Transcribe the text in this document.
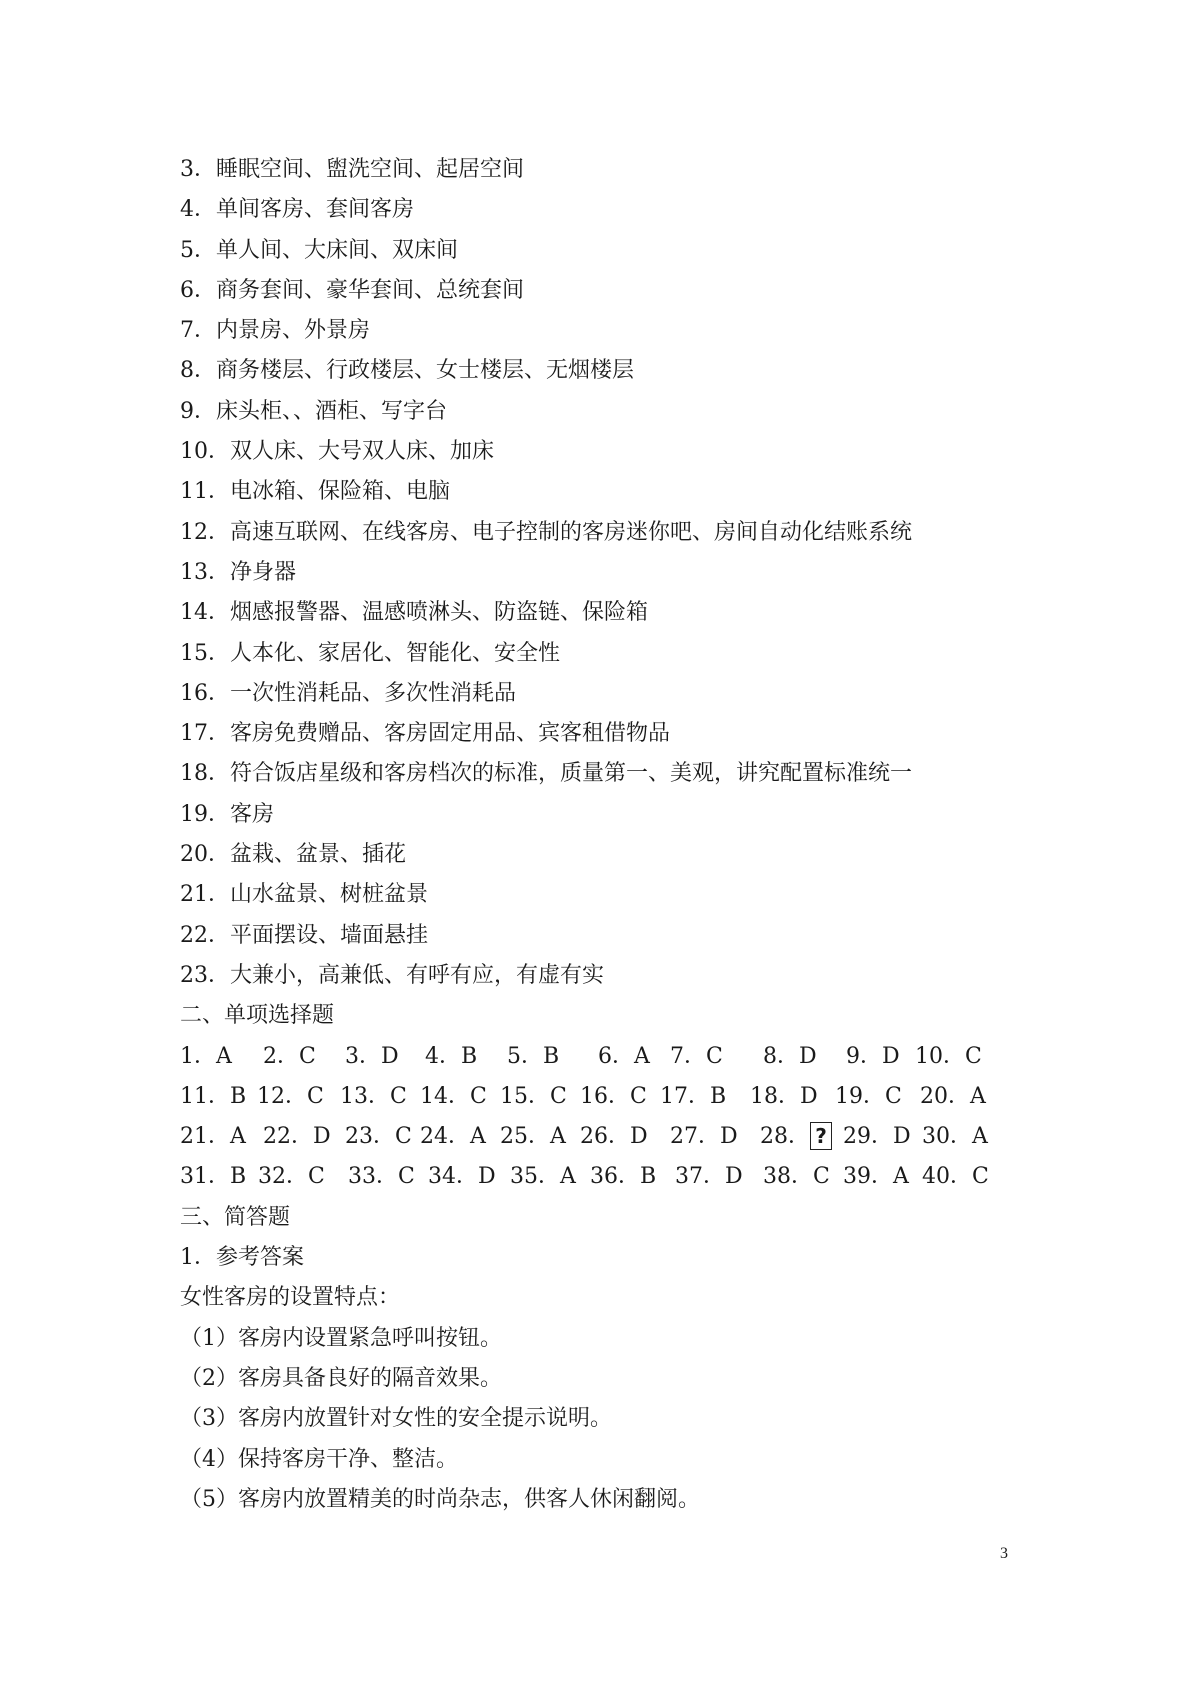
3．睡眠空间、盥洗空间、起居空间
4．单间客房、套间客房
5．单人间、大床间、双床间
6．商务套间、豪华套间、总统套间
7．内景房、外景房
8．商务楼层、行政楼层、女士楼层、无烟楼层
9．床头柜、、酒柜、写字台
10．双人床、大号双人床、加床
11．电冰箱、保险箱、电脑
12．高速互联网、在线客房、电子控制的客房迷你吧、房间自动化结账系统
13．净身器
14．烟感报警器、温感喷淋头、防盗链、保险箱
15．人本化、家居化、智能化、安全性
16．一次性消耗品、多次性消耗品
17．客房免费赠品、客房固定用品、宾客租借物品
18．符合饭店星级和客房档次的标准，质量第一、美观，讲究配置标准统一
19．客房
20．盆栽、盆景、插花
21．山水盆景、树桩盆景
22．平面摆设、墙面悬挂
23．大兼小，高兼低、有呼有应，有虚有实
二、单项选择题
1．A 2．C 3．D 4．B 5．B 6．A 7．C 8．D 9．D 10．C
11．B 12．C 13．C 14．C 15．C 16．C 17．B 18．D 19．C 20．A
21．A 22．D 23．C 24．A 25．A 26．D 27．D 28． ? 29．D 30．A
31．B 32．C 33．C 34．D 35．A 36．B 37．D 38．C 39．A 40．C
三、简答题
1．参考答案
女性客房的设置特点：
（1）客房内设置紧急呼叫按钮。
（2）客房具备良好的隔音效果。
（3）客房内放置针对女性的安全提示说明。
（4）保持客房干净、整洁。
（5）客房内放置精美的时尚杂志，供客人休闲翻阅。
3
